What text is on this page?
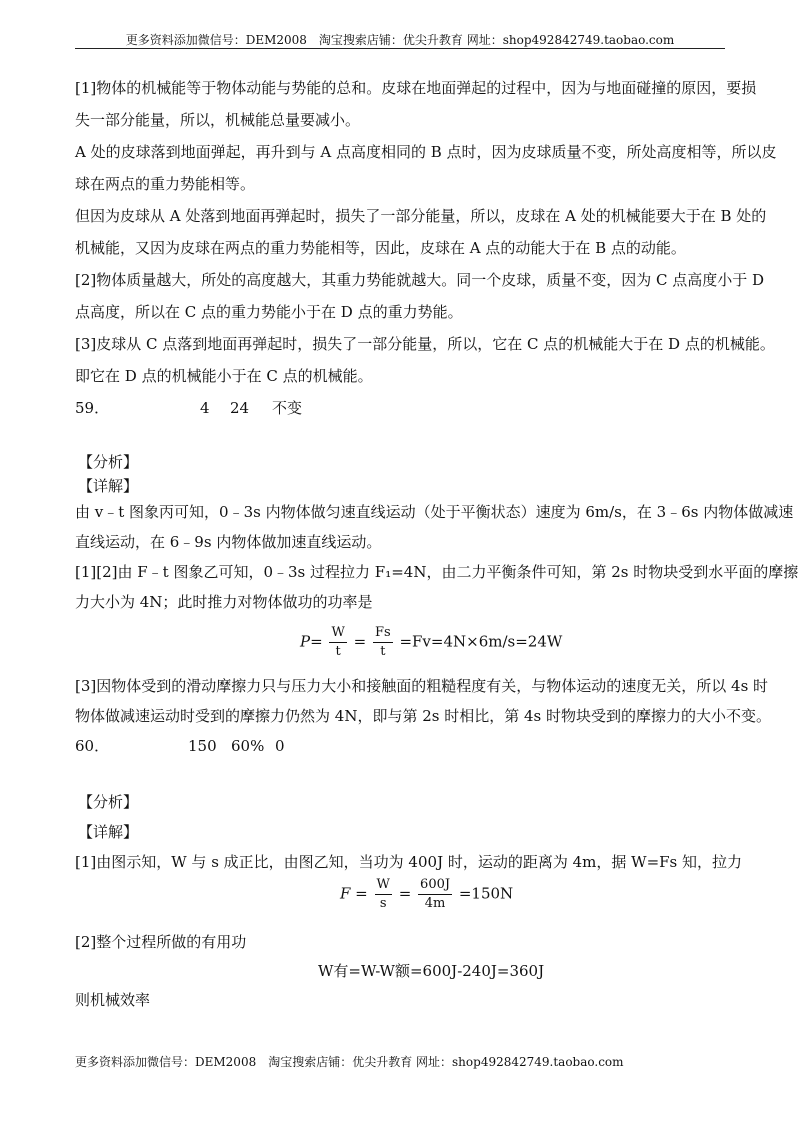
更多资料添加微信号：DEM2008　淘宝搜索店铺：优尖升教育 网址：shop492842749.taobao.com
[1]物体的机械能等于物体动能与势能的总和。皮球在地面弹起的过程中，因为与地面碰撞的原因，要损
失一部分能量，所以，机械能总量要减小。
A 处的皮球落到地面弹起，再升到与 A 点高度相同的 B 点时，因为皮球质量不变，所处高度相等，所以皮
球在两点的重力势能相等。
但因为皮球从 A 处落到地面再弹起时，损失了一部分能量，所以，皮球在 A 处的机械能要大于在 B 处的
机械能，又因为皮球在两点的重力势能相等，因此，皮球在 A 点的动能大于在 B 点的动能。
[2]物体质量越大，所处的高度越大，其重力势能就越大。同一个皮球，质量不变，因为 C 点高度小于 D
点高度，所以在 C 点的重力势能小于在 D 点的重力势能。
[3]皮球从 C 点落到地面再弹起时，损失了一部分能量，所以，它在 C 点的机械能大于在 D 点的机械能。
即它在 D 点的机械能小于在 C 点的机械能。
59．	4 24 不变
【分析】
【详解】
由 v﹣t 图象丙可知，0﹣3s 内物体做匀速直线运动（处于平衡状态）速度为 6m/s，在 3﹣6s 内物体做减速
直线运动，在 6﹣9s 内物体做加速直线运动。
[1][2]由 F﹣t 图象乙可知，0﹣3s 过程拉力 F₁=4N，由二力平衡条件可知，第 2s 时物块受到水平面的摩擦
力大小为 4N；此时推力对物体做功的功率是
$P= \frac{W}{t} = \frac{Fs}{t} =Fv=4N\times 6m/s=24W$
[3]因物体受到的滑动摩擦力只与压力大小和接触面的粗糙程度有关，与物体运动的速度无关，所以 4s 时
物体做减速运动时受到的摩擦力仍然为 4N，即与第 2s 时相比，第 4s 时物块受到的摩擦力的大小不变。
60．	150 60% 0
【分析】
【详解】
[1]由图示知，W 与 s 成正比，由图乙知，当功为 400J 时，运动的距离为 4m，据 W=Fs 知，拉力
$F = \frac{W}{s} = \frac{600J}{4m} =150N$
[2]整个过程所做的有用功
W有=W-W额=600J-240J=360J
则机械效率
更多资料添加微信号：DEM2008　淘宝搜索店铺：优尖升教育 网址：shop492842749.taobao.com
